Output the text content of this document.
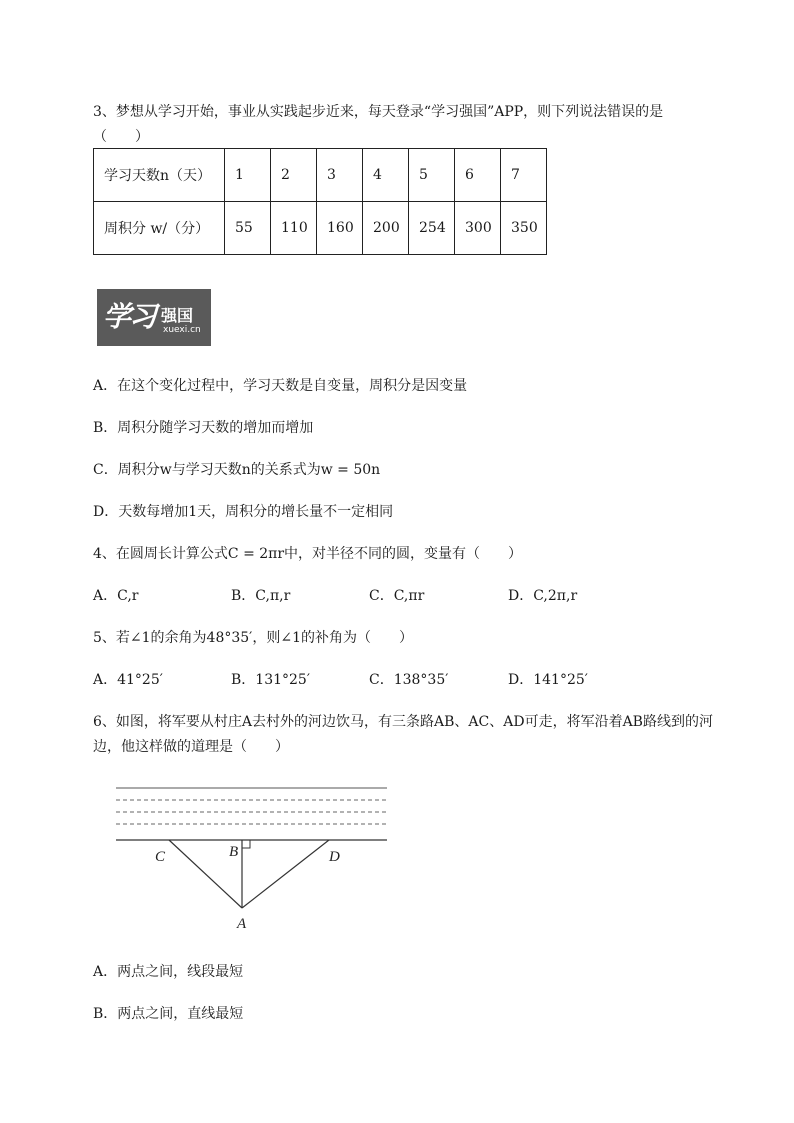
3、梦想从学习开始，事业从实践起步近来，每天登录“学习强国”APP，则下列说法错误的是
（　　）
学习天数n（天）	1	2	3	4	5	6	7
周积分 w/（分）	55	110	160	200	254	300	350
学习 强国
xuexi.cn
A．在这个变化过程中，学习天数是自变量，周积分是因变量
B．周积分随学习天数的增加而增加
C．周积分w与学习天数n的关系式为w = 50n
D．天数每增加1天，周积分的增长量不一定相同
4、在圆周长计算公式C = 2πr中，对半径不同的圆，变量有（　　）
A．C,r	B．C,π,r	C．C,πr	D．C,2π,r
5、若∠1的余角为48°35′，则∠1的补角为（　　）
A．41°25′	B．131°25′	C．138°35′	D．141°25′
6、如图，将军要从村庄A去村外的河边饮马，有三条路AB、AC、AD可走，将军沿着AB路线到的河
边，他这样做的道理是（　　）
C	B	D
A
A．两点之间，线段最短
B．两点之间，直线最短
